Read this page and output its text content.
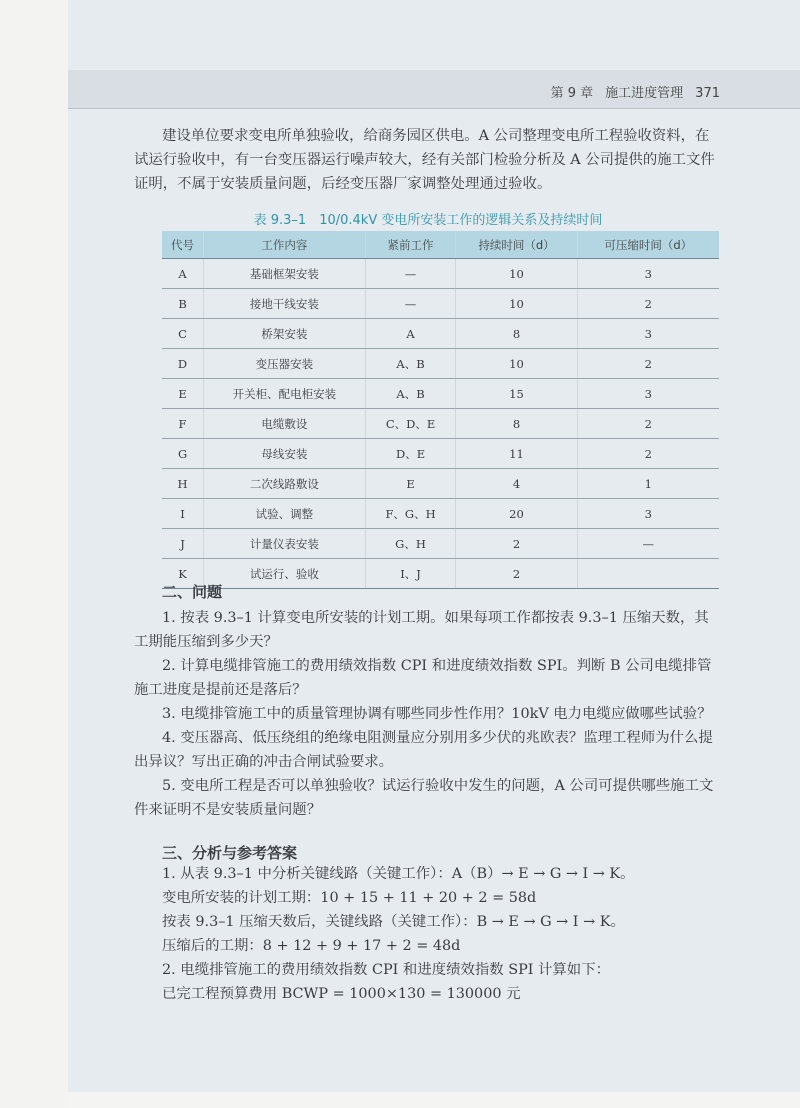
第 9 章 施工进度管理 371

建设单位要求变电所单独验收，给商务园区供电。A 公司整理变电所工程验收资料，在试运行验收中，有一台变压器运行噪声较大，经有关部门检验分析及 A 公司提供的施工文件证明，不属于安装质量问题，后经变压器厂家调整处理通过验收。

表 9.3–1　10/0.4kV 变电所安装工作的逻辑关系及持续时间
代号	工作内容	紧前工作	持续时间（d）	可压缩时间（d）
A	基础框架安装	—	10	3
B	接地干线安装	—	10	2
C	桥架安装	A	8	3
D	变压器安装	A、B	10	2
E	开关柜、配电柜安装	A、B	15	3
F	电缆敷设	C、D、E	8	2
G	母线安装	D、E	11	2
H	二次线路敷设	E	4	1
I	试验、调整	F、G、H	20	3
J	计量仪表安装	G、H	2	—
K	试运行、验收	I、J	2	
二、问题

1. 按表 9.3–1 计算变电所安装的计划工期。如果每项工作都按表 9.3–1 压缩天数，其工期能压缩到多少天？

2. 计算电缆排管施工的费用绩效指数 CPI 和进度绩效指数 SPI。判断 B 公司电缆排管施工进度是提前还是落后？

3. 电缆排管施工中的质量管理协调有哪些同步性作用？10kV 电力电缆应做哪些试验？

4. 变压器高、低压绕组的绝缘电阻测量应分别用多少伏的兆欧表？监理工程师为什么提出异议？写出正确的冲击合闸试验要求。

5. 变电所工程是否可以单独验收？试运行验收中发生的问题，A 公司可提供哪些施工文件来证明不是安装质量问题？

三、分析与参考答案

1. 从表 9.3–1 中分析关键线路（关键工作）：A（B）→ E → G → I → K。

变电所安装的计划工期：10 + 15 + 11 + 20 + 2 = 58d

按表 9.3–1 压缩天数后，关键线路（关键工作）：B → E → G → I → K。

压缩后的工期：8 + 12 + 9 + 17 + 2 = 48d

2. 电缆排管施工的费用绩效指数 CPI 和进度绩效指数 SPI 计算如下：

已完工程预算费用 BCWP = 1000×130 = 130000 元
